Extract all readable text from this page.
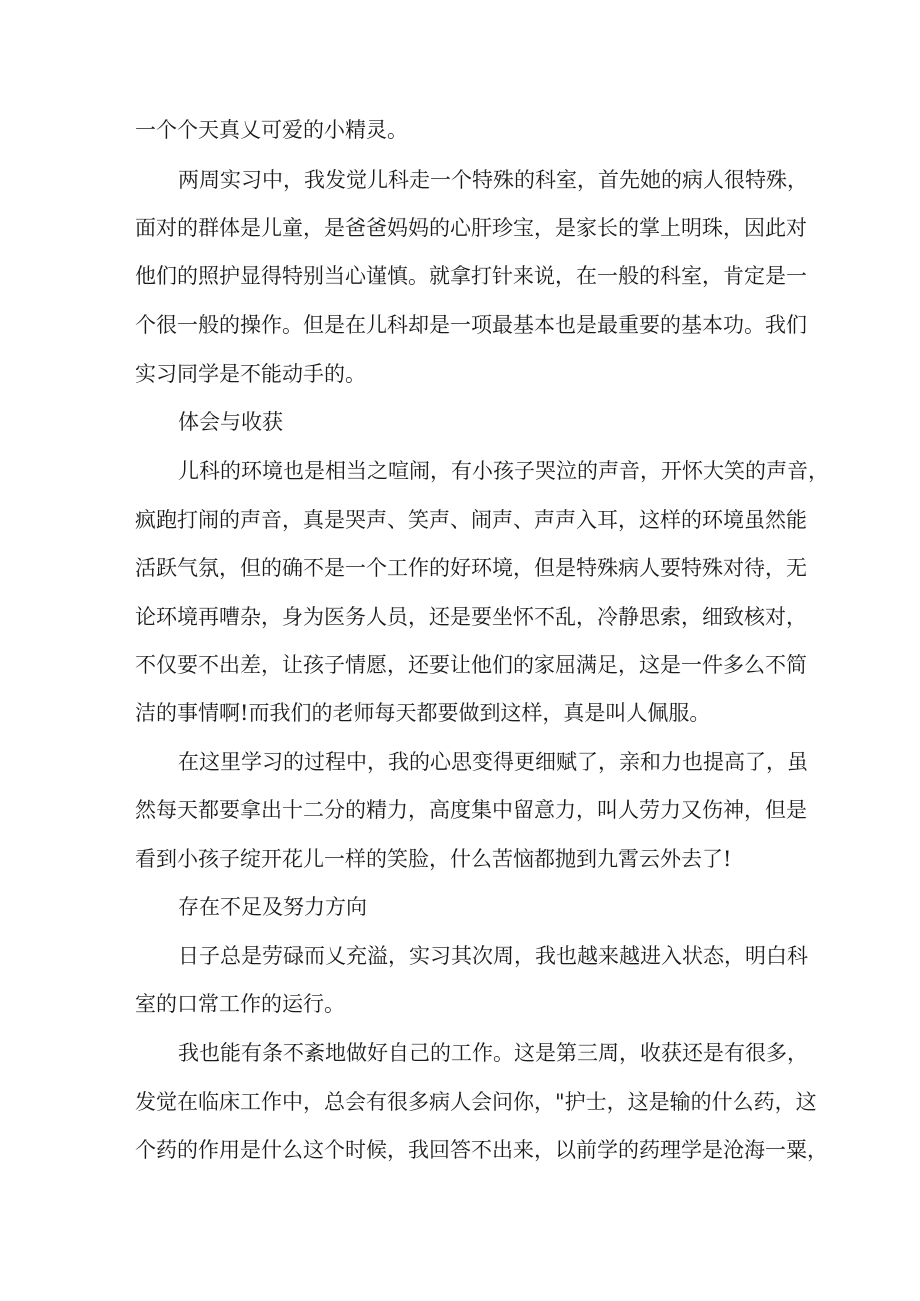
一个个天真乂可爱的小精灵。

两周实习中，我发觉儿科走一个特殊的科室，首先她的病人很特殊，

面对的群体是儿童，是爸爸妈妈的心肝珍宝，是家长的掌上明珠，因此对

他们的照护显得特别当心谨慎。就拿打针来说，在一般的科室，肯定是一

个很一般的操作。但是在儿科却是一项最基本也是最重要的基本功。我们

实习同学是不能动手的。

体会与收获

儿科的环境也是相当之喧闹，有小孩子哭泣的声音，开怀大笑的声音，

疯跑打闹的声音，真是哭声、笑声、闹声、声声入耳，这样的环境虽然能

活跃气氛，但的确不是一个工作的好环境，但是特殊病人要特殊对待，无

论环境再嘈杂，身为医务人员，还是要坐怀不乱，冷静思索，细致核对，

不仅要不出差，让孩子情愿，还要让他们的家屈满足，这是一件多么不简

洁的事情啊!而我们的老师每天都要做到这样，真是叫人佩服。

在这里学习的过程中，我的心思变得更细赋了，亲和力也提高了，虽

然每天都要拿出十二分的精力，高度集中留意力，叫人劳力又伤神，但是

看到小孩子绽开花儿一样的笑脸，什么苦恼都抛到九霄云外去了!

存在不足及努力方向

日子总是劳碌而乂充溢，实习其次周，我也越来越进入状态，明白科

室的口常工作的运行。

我也能有条不紊地做好自己的工作。这是第三周，收获还是有很多，

发觉在临床工作中，总会有很多病人会问你，"护士，这是输的什么药，这

个药的作用是什么这个时候，我回答不出来，以前学的药理学是沧海一粟，
